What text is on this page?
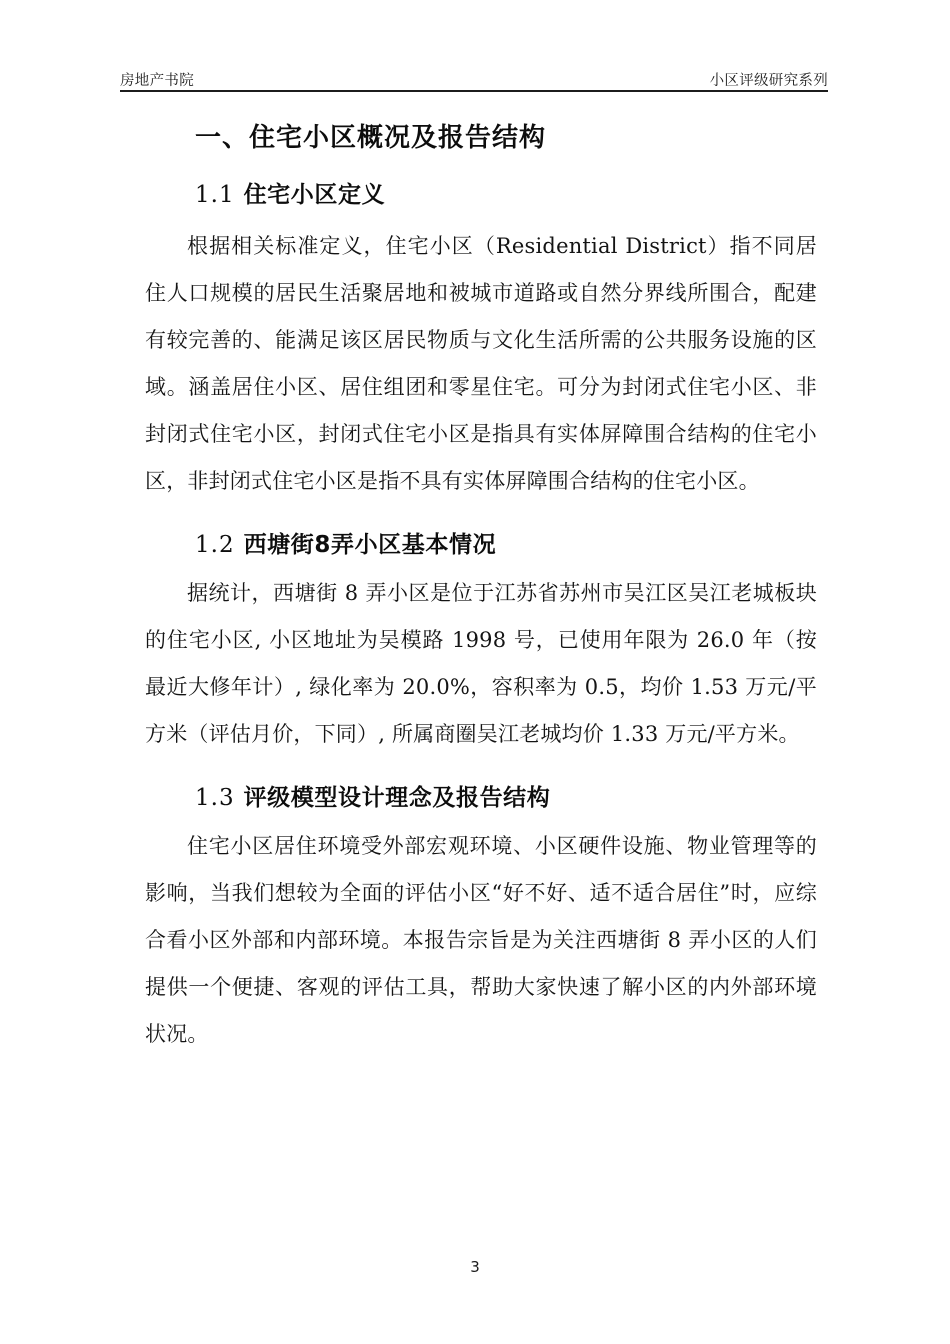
房地产书院	小区评级研究系列
一、住宅小区概况及报告结构
1.1 住宅小区定义

根据相关标准定义，住宅小区（Residential District）指不同居住人口规模的居民生活聚居地和被城市道路或自然分界线所围合，配建有较完善的、能满足该区居民物质与文化生活所需的公共服务设施的区域。涵盖居住小区、居住组团和零星住宅。可分为封闭式住宅小区、非封闭式住宅小区，封闭式住宅小区是指具有实体屏障围合结构的住宅小区，非封闭式住宅小区是指不具有实体屏障围合结构的住宅小区。

1.2 西塘街8弄小区基本情况

据统计，西塘街 8 弄小区是位于江苏省苏州市吴江区吴江老城板块的住宅小区, 小区地址为吴模路 1998 号，已使用年限为 26.0 年（按最近大修年计）, 绿化率为 20.0%，容积率为 0.5，均价 1.53 万元/平方米（评估月价，下同）, 所属商圈吴江老城均价 1.33 万元/平方米。

1.3 评级模型设计理念及报告结构

住宅小区居住环境受外部宏观环境、小区硬件设施、物业管理等的影响，当我们想较为全面的评估小区“好不好、适不适合居住”时，应综合看小区外部和内部环境。本报告宗旨是为关注西塘街 8 弄小区的人们提供一个便捷、客观的评估工具，帮助大家快速了解小区的内外部环境状况。

3
